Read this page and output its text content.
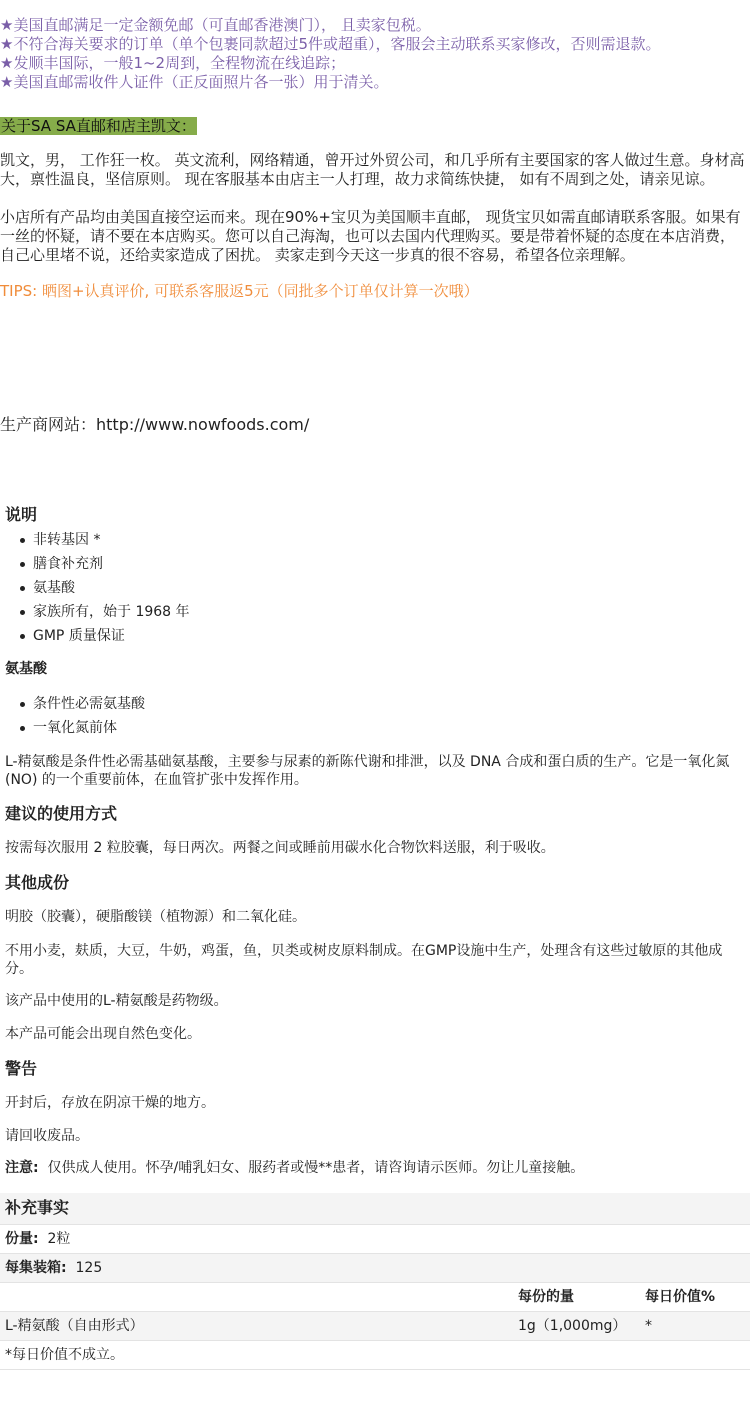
★美国直邮满足一定金额免邮（可直邮香港澳门）， 且卖家包税。

★不符合海关要求的订单（单个包裹同款超过5件或超重），客服会主动联系买家修改，否则需退款。

★发顺丰国际，一般1~2周到，全程物流在线追踪；

★美国直邮需收件人证件（正反面照片各一张）用于清关。

关于SA SA直邮和店主凯文：

凯文，男， 工作狂一枚。 英文流利，网络精通，曾开过外贸公司，和几乎所有主要国家的客人做过生意。身材高大，禀性温良，坚信原则。 现在客服基本由店主一人打理，故力求简练快捷， 如有不周到之处，请亲见谅。

小店所有产品均由美国直接空运而来。现在90%+宝贝为美国顺丰直邮， 现货宝贝如需直邮请联系客服。如果有一丝的怀疑，请不要在本店购买。您可以自己海淘，也可以去国内代理购买。要是带着怀疑的态度在本店消费，自己心里堵不说，还给卖家造成了困扰。 卖家走到今天这一步真的很不容易，希望各位亲理解。

TIPS: 晒图+认真评价, 可联系客服返5元（同批多个订单仅计算一次哦）
生产商网站：http://www.nowfoods.com/
说明
非转基因 *
膳食补充剂
氨基酸
家族所有，始于 1968 年
GMP 质量保证
氨基酸
条件性必需氨基酸
一氧化氮前体

L-精氨酸是条件性必需基础氨基酸，主要参与尿素的新陈代谢和排泄，以及 DNA 合成和蛋白质的生产。它是一氧化氮 (NO) 的一个重要前体，在血管扩张中发挥作用。

建议的使用方式

按需每次服用 2 粒胶囊，每日两次。两餐之间或睡前用碳水化合物饮料送服，利于吸收。

其他成份

明胶（胶囊），硬脂酸镁（植物源）和二氧化硅。

不用小麦，麸质，大豆，牛奶，鸡蛋，鱼，贝类或树皮原料制成。在GMP设施中生产，处理含有这些过敏原的其他成分。

该产品中使用的L-精氨酸是药物级。

本产品可能会出现自然色变化。

警告

开封后，存放在阴凉干燥的地方。

请回收废品。

注意: 仅供成人使用。怀孕/哺乳妇女、服药者或慢**患者，请咨询请示医师。勿让儿童接触。

补充事实
份量: 2粒
每集装箱: 125
每份的量	每日价值%
L-精氨酸（自由形式）	1g（1,000mg） *
*每日价值不成立。
